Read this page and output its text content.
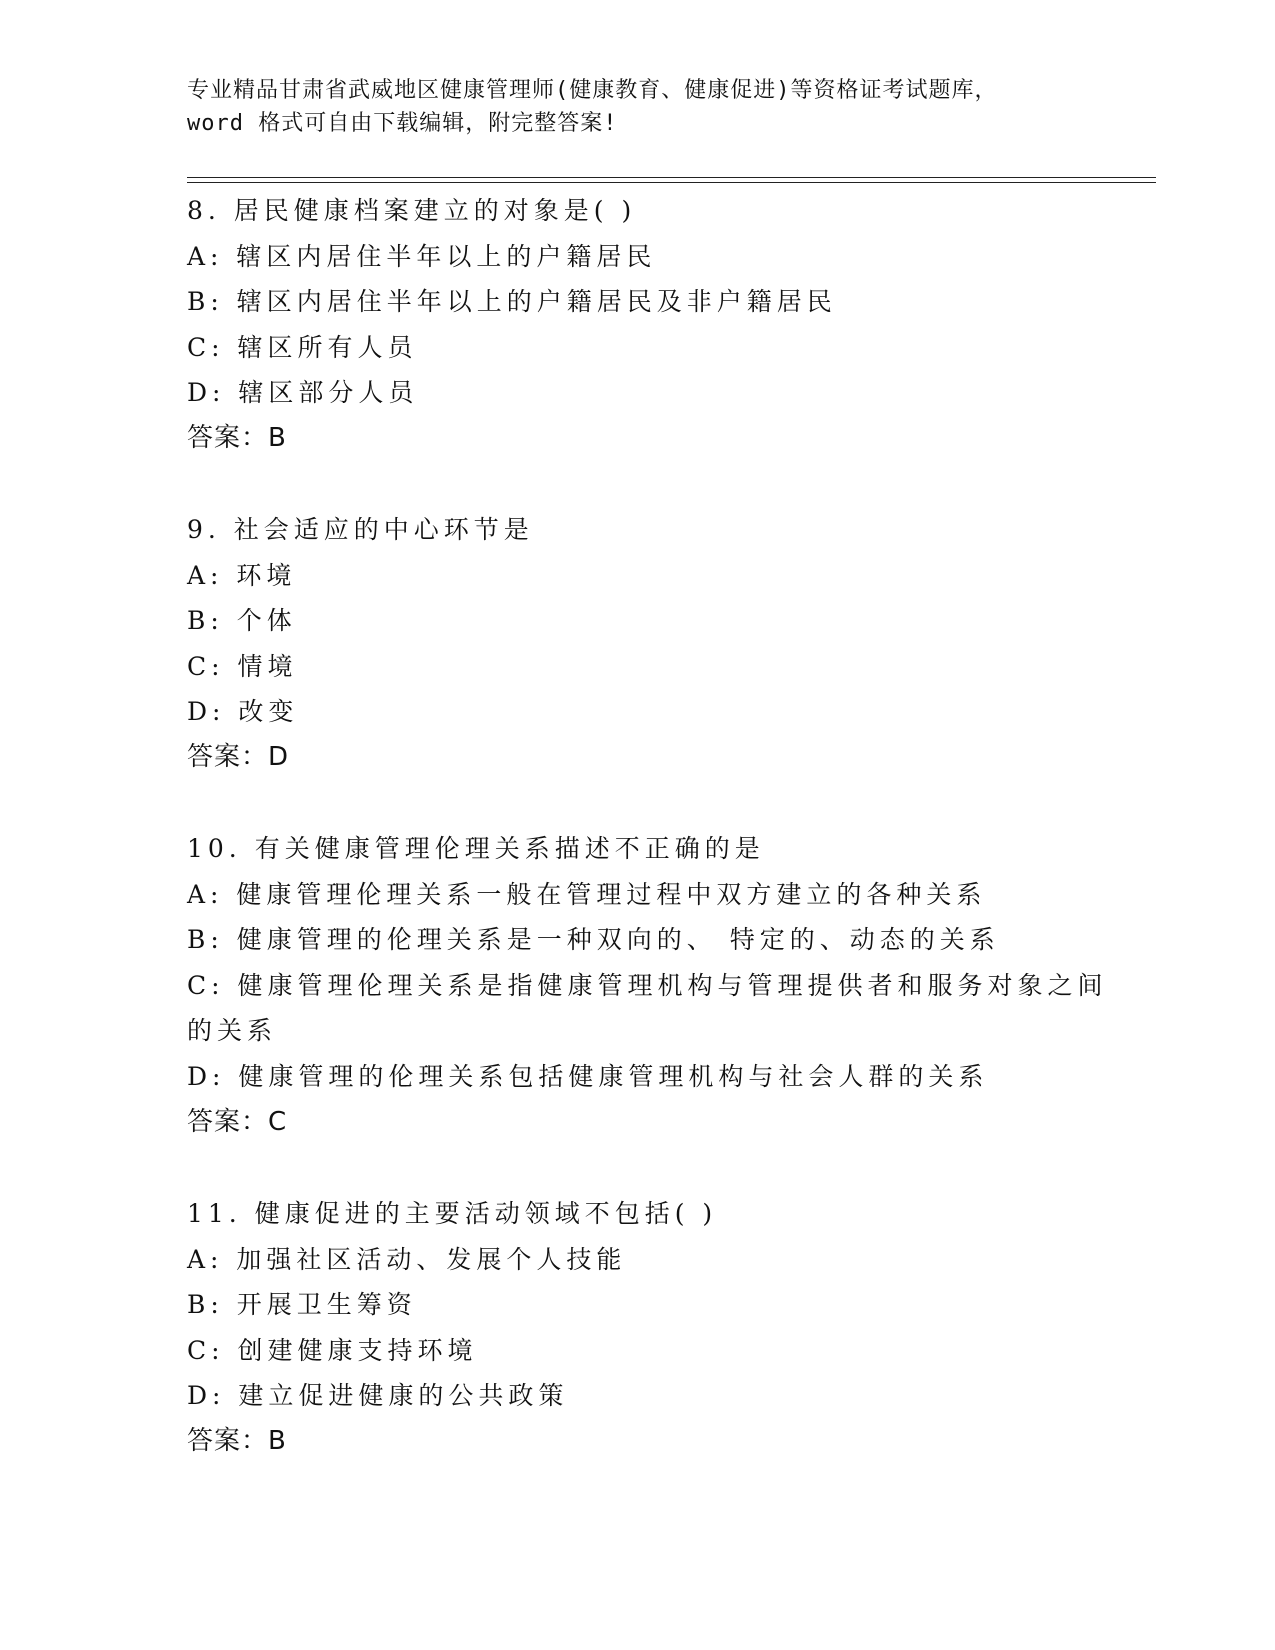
专业精品甘肃省武威地区健康管理师(健康教育、健康促进)等资格证考试题库，
word 格式可自由下载编辑，附完整答案!
8. 居民健康档案建立的对象是( )
A: 辖区内居住半年以上的户籍居民
B: 辖区内居住半年以上的户籍居民及非户籍居民
C: 辖区所有人员
D: 辖区部分人员
答案：B
9. 社会适应的中心环节是
A: 环境
B: 个体
C: 情境
D: 改变
答案：D
10. 有关健康管理伦理关系描述不正确的是
A: 健康管理伦理关系一般在管理过程中双方建立的各种关系
B: 健康管理的伦理关系是一种双向的、 特定的、动态的关系
C: 健康管理伦理关系是指健康管理机构与管理提供者和服务对象之间
的关系
D: 健康管理的伦理关系包括健康管理机构与社会人群的关系
答案：C
11. 健康促进的主要活动领域不包括( )
A: 加强社区活动、发展个人技能
B: 开展卫生筹资
C: 创建健康支持环境
D: 建立促进健康的公共政策
答案：B
